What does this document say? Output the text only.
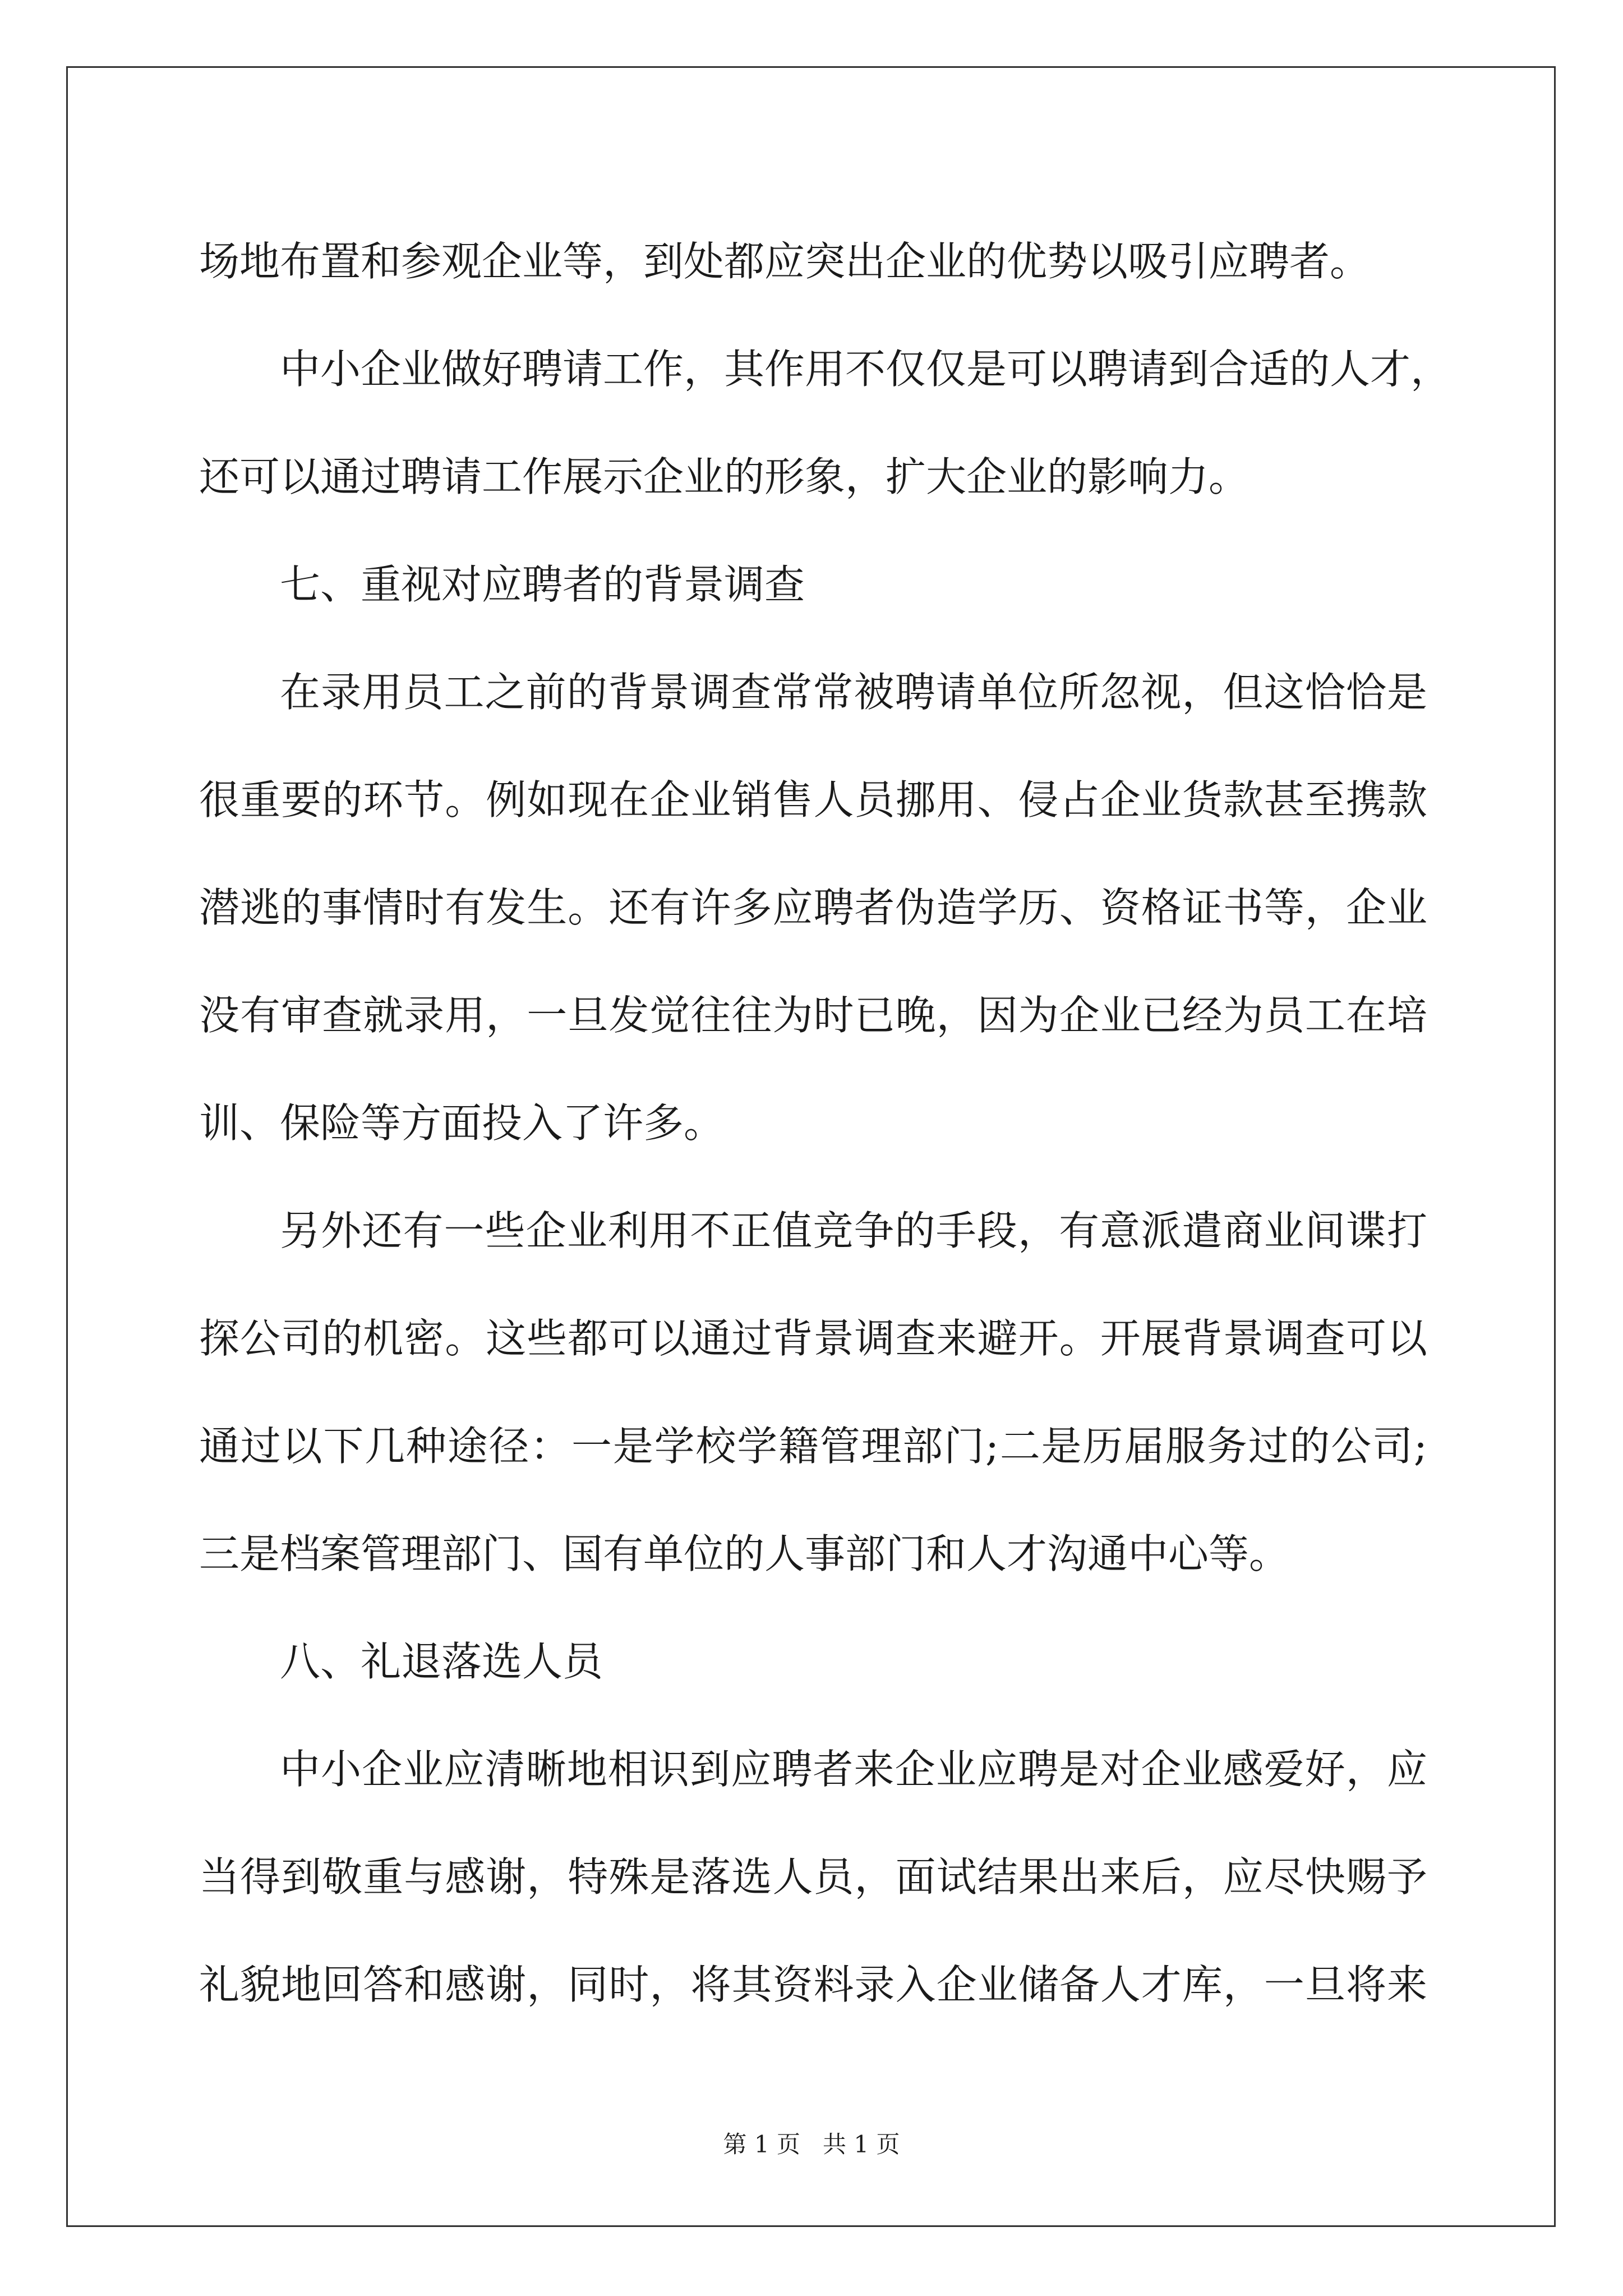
场地布置和参观企业等，到处都应突出企业的优势以吸引应聘者。
中小企业做好聘请工作，其作用不仅仅是可以聘请到合适的人才，
还可以通过聘请工作展示企业的形象，扩大企业的影响力。
七、重视对应聘者的背景调查
在录用员工之前的背景调查常常被聘请单位所忽视，但这恰恰是
很重要的环节。例如现在企业销售人员挪用、侵占企业货款甚至携款
潜逃的事情时有发生。还有许多应聘者伪造学历、资格证书等，企业
没有审查就录用，一旦发觉往往为时已晚，因为企业已经为员工在培
训、保险等方面投入了许多。
另外还有一些企业利用不正值竞争的手段，有意派遣商业间谍打
探公司的机密。这些都可以通过背景调查来避开。开展背景调查可以
通过以下几种途径：一是学校学籍管理部门;二是历届服务过的公司;
三是档案管理部门、国有单位的人事部门和人才沟通中心等。
八、礼退落选人员
中小企业应清晰地相识到应聘者来企业应聘是对企业感爱好，应
当得到敬重与感谢，特殊是落选人员，面试结果出来后，应尽快赐予
礼貌地回答和感谢，同时，将其资料录入企业储备人才库，一旦将来
第 1 页   共 1 页
